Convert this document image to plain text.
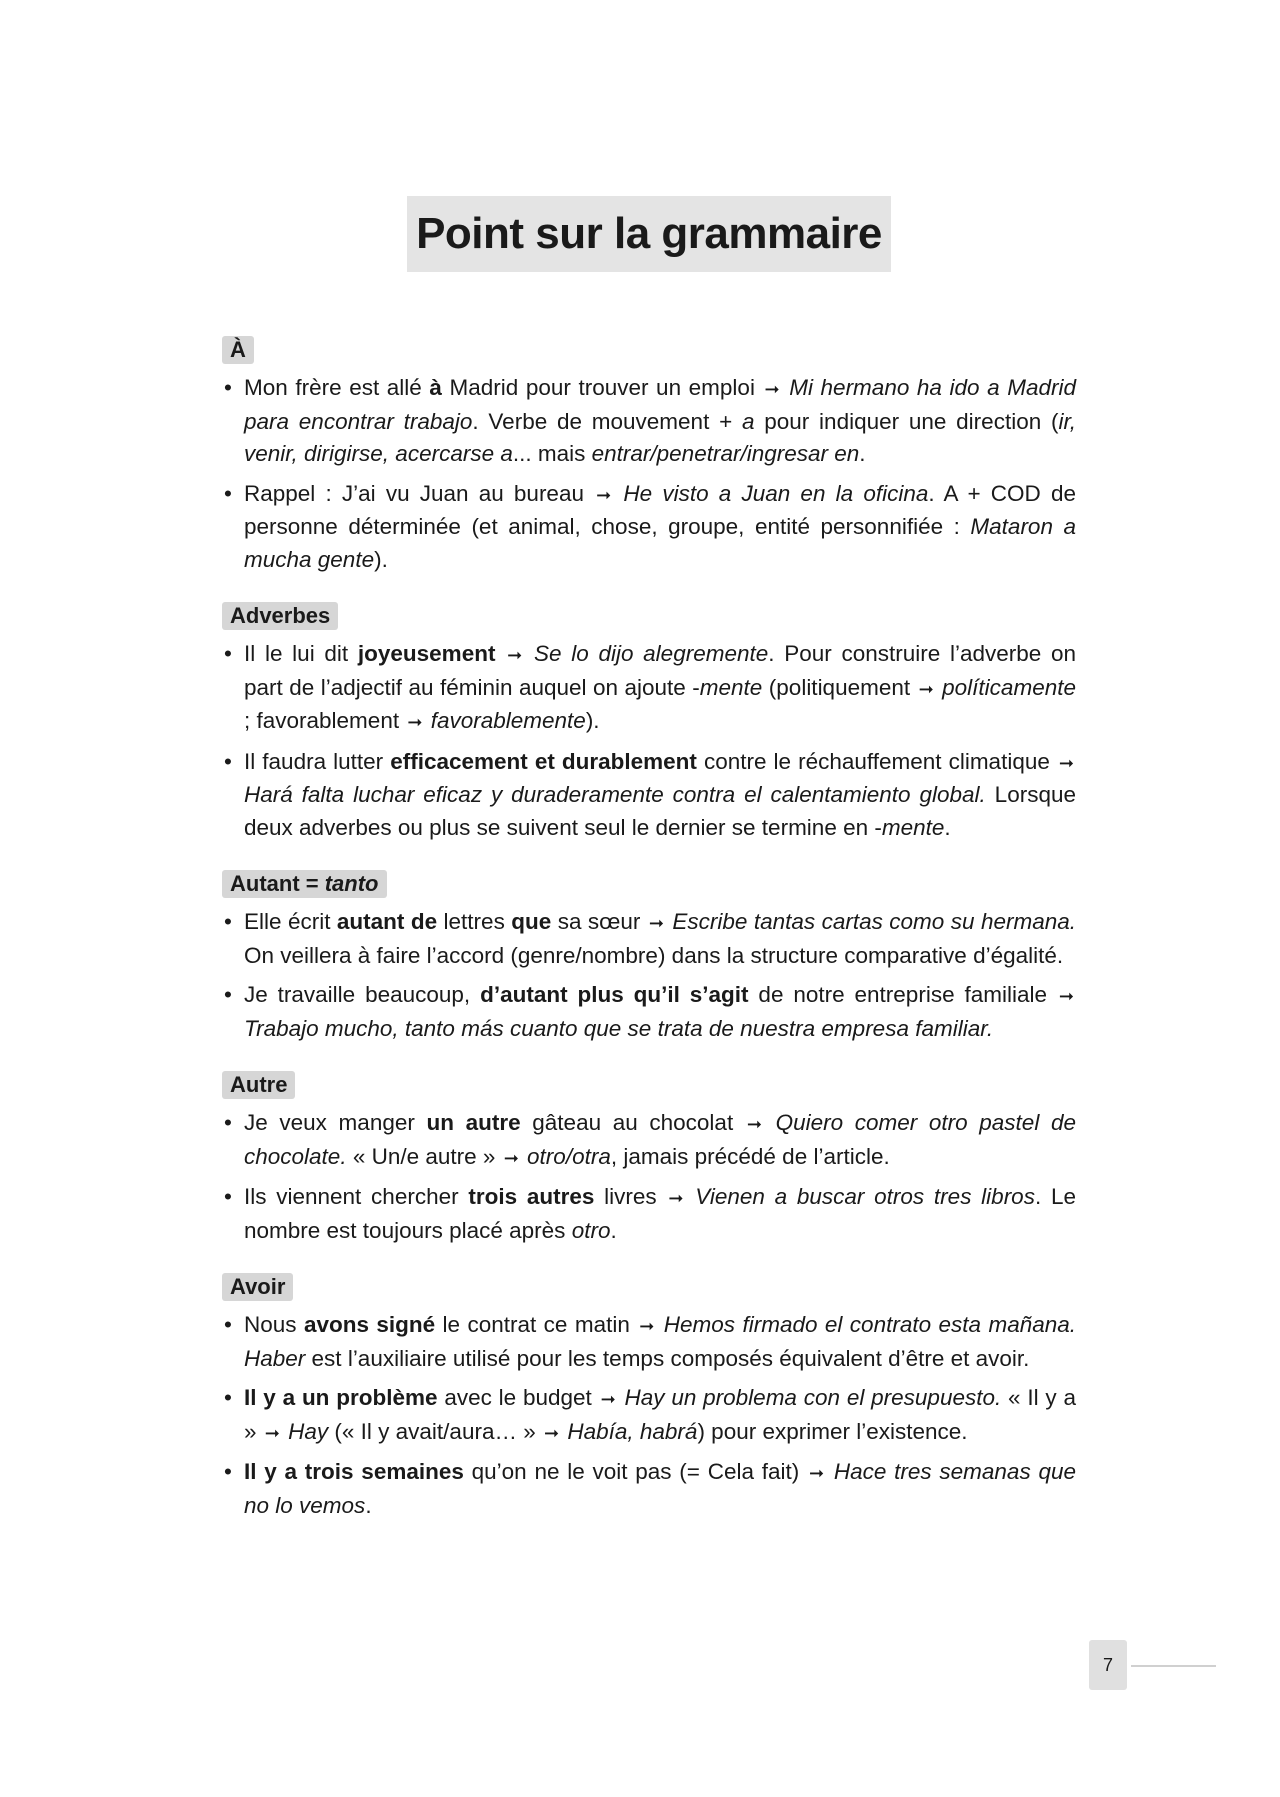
Point sur la grammaire
À
• Mon frère est allé à Madrid pour trouver un emploi ➞ Mi hermano ha ido a Madrid para encontrar trabajo. Verbe de mouvement + a pour indiquer une direction (ir, venir, dirigirse, acercarse a... mais entrar/penetrar/ingresar en.
• Rappel : J’ai vu Juan au bureau ➞ He visto a Juan en la oficina. A + COD de personne déterminée (et animal, chose, groupe, entité personnifiée : Mataron a mucha gente).
Adverbes
• Il le lui dit joyeusement ➞ Se lo dijo alegremente. Pour construire l’adverbe on part de l’adjectif au féminin auquel on ajoute -mente (politiquement ➞ políticamente ; favorablement ➞ favorablemente).
• Il faudra lutter efficacement et durablement contre le réchauffement climatique ➞ Hará falta luchar eficaz y duraderamente contra el calentamiento global. Lorsque deux adverbes ou plus se suivent seul le dernier se termine en -mente.
Autant = tanto
• Elle écrit autant de lettres que sa sœur ➞ Escribe tantas cartas como su hermana. On veillera à faire l’accord (genre/nombre) dans la structure comparative d’égalité.
• Je travaille beaucoup, d’autant plus qu’il s’agit de notre entreprise familiale ➞ Trabajo mucho, tanto más cuanto que se trata de nuestra empresa familiar.
Autre
• Je veux manger un autre gâteau au chocolat ➞ Quiero comer otro pastel de chocolate. « Un/e autre » ➞ otro/otra, jamais précédé de l’article.
• Ils viennent chercher trois autres livres ➞ Vienen a buscar otros tres libros. Le nombre est toujours placé après otro.
Avoir
• Nous avons signé le contrat ce matin ➞ Hemos firmado el contrato esta mañana. Haber est l’auxiliaire utilisé pour les temps composés équivalent d’être et avoir.
• Il y a un problème avec le budget ➞ Hay un problema con el presupuesto. « Il y a » ➞ Hay (« Il y avait/aura… » ➞ Había, habrá) pour exprimer l’existence.
• Il y a trois semaines qu’on ne le voit pas (= Cela fait) ➞ Hace tres semanas que no lo vemos.
7
